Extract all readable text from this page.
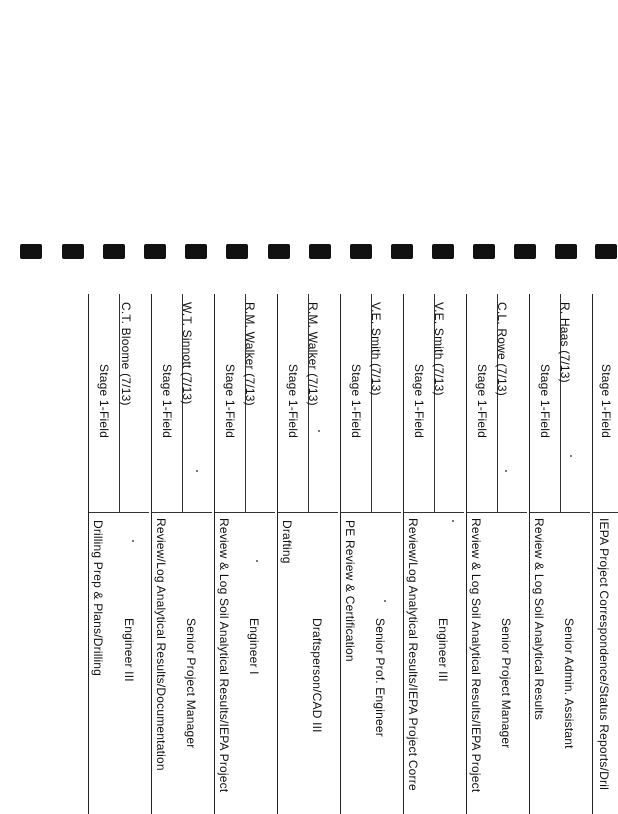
C.T. Bloome (7/13)
Stage 1-Field
Drilling Prep & Plans/Drilling Engineer III
W.T. Sinnott (7/13)
Stage 1-Field
Review/Log Analytical Results/Documentation Senior Project Manager
R.M. Walker (7/13)
Stage 1-Field
Review & Log Soil Analytical Results/IEPA Project Engineer I
R.M. Walker (7/13)
Stage 1-Field
Drafting
Draftsperson/CAD III
V.E. Smith (7/13)
Stage 1-Field
PE Review & Certification
Senior Prof. Engineer
V.E. Smith (7/13)
Stage 1-Field
Review/Log Analytical Results/IEPA Project Corre Engineer III
C.L. Rowe (7/13)
Stage 1-Field
Review & Log Soil Analytical Results/IEPA Project Senior Project Manager
R. Haas (7/13)
Stage 1-Field
Review & Log Soil Analytical Results Senior Admin. Assistant
Stage 1-Field
IEPA Project Correspondence/Status Reports/Dril
